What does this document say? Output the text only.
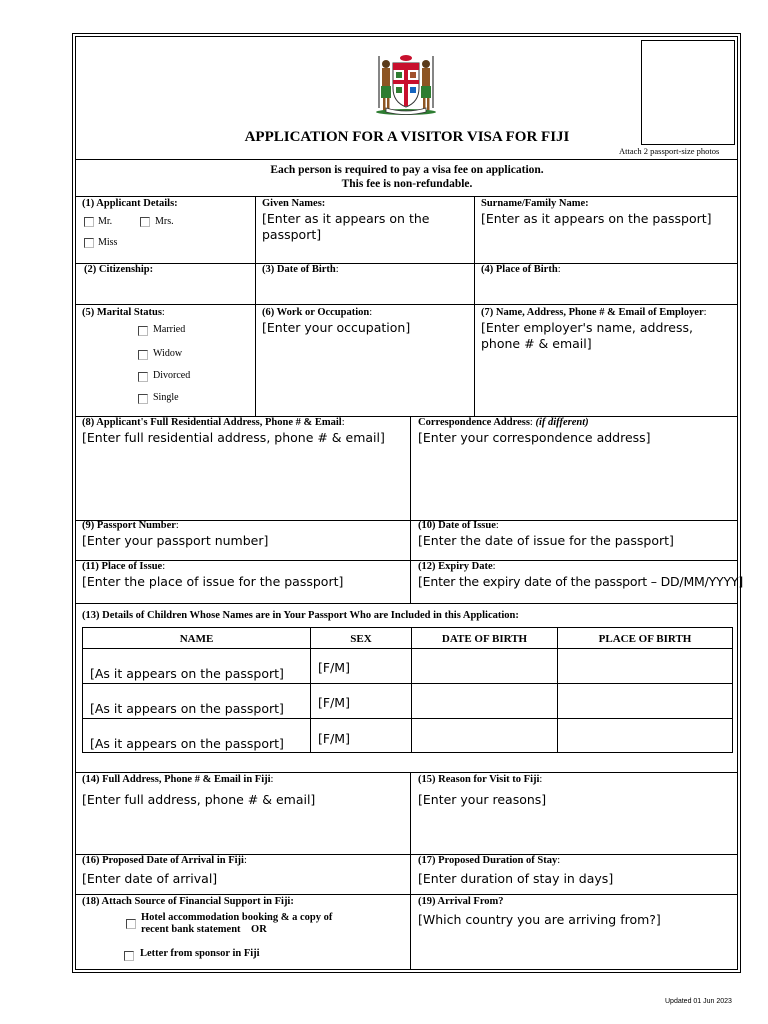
Attach 2 passport-size photos
APPLICATION FOR A VISITOR VISA FOR FIJI
Each person is required to pay a visa fee on application.
This fee is non-refundable.
(1) Applicant Details:
Mr.	Mrs.
Miss
Given Names:
[Enter as it appears on the passport]
Surname/Family Name:
[Enter as it appears on the passport]
(2) Citizenship:	(3) Date of Birth:	(4) Place of Birth:
(5) Marital Status:
Married
Widow
Divorced
Single
(6) Work or Occupation:
[Enter your occupation]
(7) Name, Address, Phone # & Email of Employer:
[Enter employer's name, address, phone # & email]
(8) Applicant's Full Residential Address, Phone # & Email:
[Enter full residential address, phone # & email]
Correspondence Address: (if different)
[Enter your correspondence address]
(9) Passport Number:
[Enter your passport number]
(10) Date of Issue:
[Enter the date of issue for the passport]
(11) Place of Issue:
[Enter the place of issue for the passport]
(12) Expiry Date:
[Enter the expiry date of the passport – DD/MM/YYYY]
(13) Details of Children Whose Names are in Your Passport Who are Included in this Application:
NAME	SEX	DATE OF BIRTH	PLACE OF BIRTH
[As it appears on the passport]	[F/M]
[As it appears on the passport]	[F/M]
[As it appears on the passport]	[F/M]
(14) Full Address, Phone # & Email in Fiji:
[Enter full address, phone # & email]
(15) Reason for Visit to Fiji:
[Enter your reasons]
(16) Proposed Date of Arrival in Fiji:
[Enter date of arrival]
(17) Proposed Duration of Stay:
[Enter duration of stay in days]
(18) Attach Source of Financial Support in Fiji:
Hotel accommodation booking & a copy of
recent bank statement    OR
Letter from sponsor in Fiji
(19) Arrival From?
[Which country you are arriving from?]
Updated 01 Jun 2023
